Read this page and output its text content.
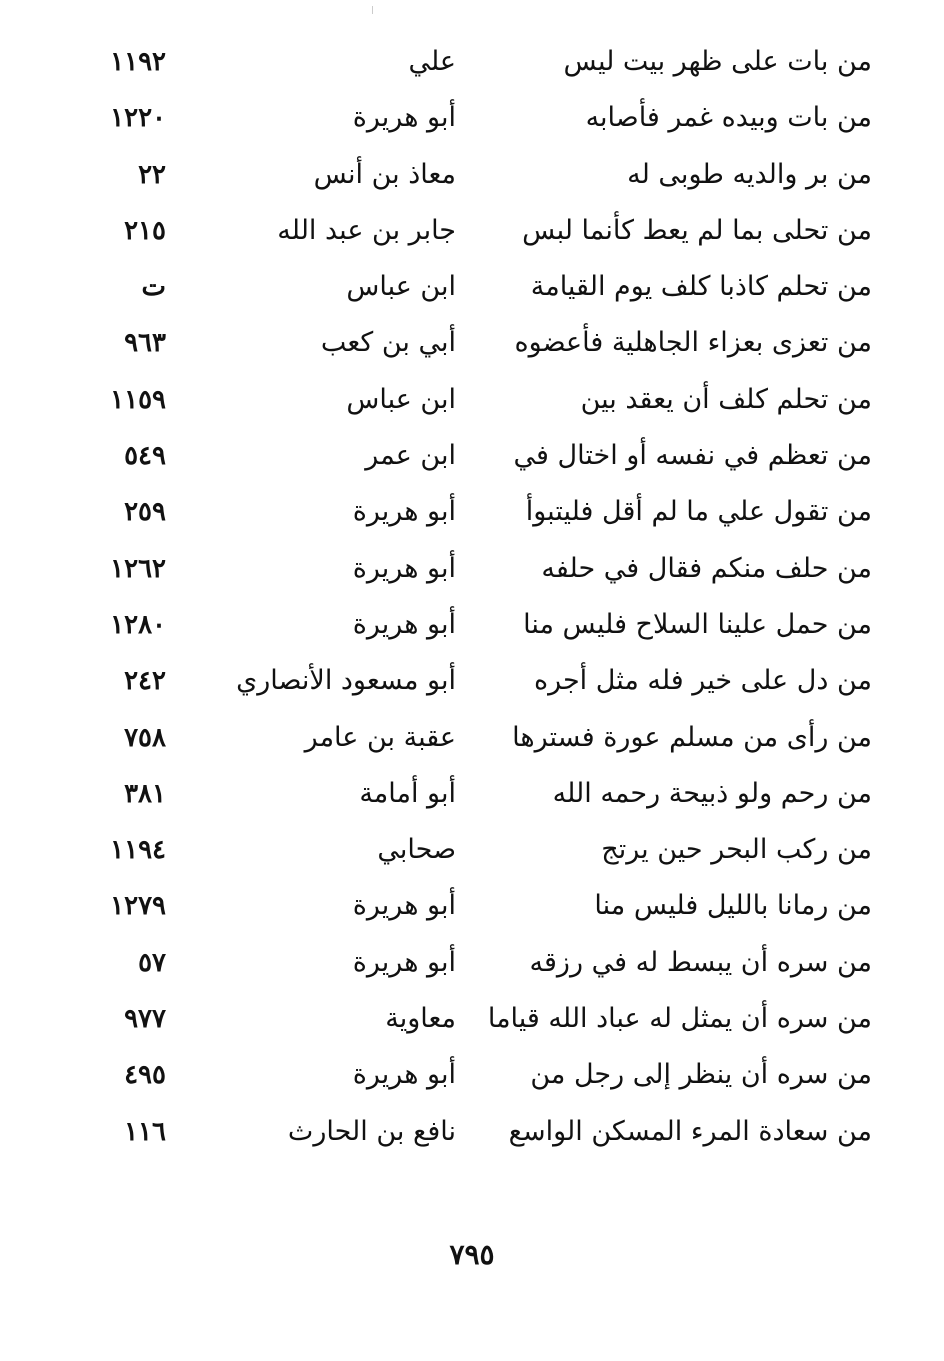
من بات على ظهر بيت ليس
علي
١١٩٢
من بات وبيده غمر فأصابه
أبو هريرة
١٢٢٠
من بر والديه طوبى له
معاذ بن أنس
٢٢
من تحلى بما لم يعط كأنما لبس
جابر بن عبد الله
٢١٥
من تحلم كاذبا كلف يوم القيامة
ابن عباس
ت
من تعزى بعزاء الجاهلية فأعضوه
أبي بن كعب
٩٦٣
من تحلم كلف أن يعقد بين
ابن عباس
١١٥٩
من تعظم في نفسه أو اختال في
ابن عمر
٥٤٩
من تقول علي ما لم أقل فليتبوأ
أبو هريرة
٢٥٩
من حلف منكم فقال في حلفه
أبو هريرة
١٢٦٢
من حمل علينا السلاح فليس منا
أبو هريرة
١٢٨٠
من دل على خير فله مثل أجره
أبو مسعود الأنصاري
٢٤٢
من رأى من مسلم عورة فسترها
عقبة بن عامر
٧٥٨
من رحم ولو ذبيحة رحمه الله
أبو أمامة
٣٨١
من ركب البحر حين يرتج
صحابي
١١٩٤
من رمانا بالليل فليس منا
أبو هريرة
١٢٧٩
من سره أن يبسط له في رزقه
أبو هريرة
٥٧
من سره أن يمثل له عباد الله قياما
معاوية
٩٧٧
من سره أن ينظر إلى رجل من
أبو هريرة
٤٩٥
من سعادة المرء المسكن الواسع
نافع بن الحارث
١١٦
٧٩٥
